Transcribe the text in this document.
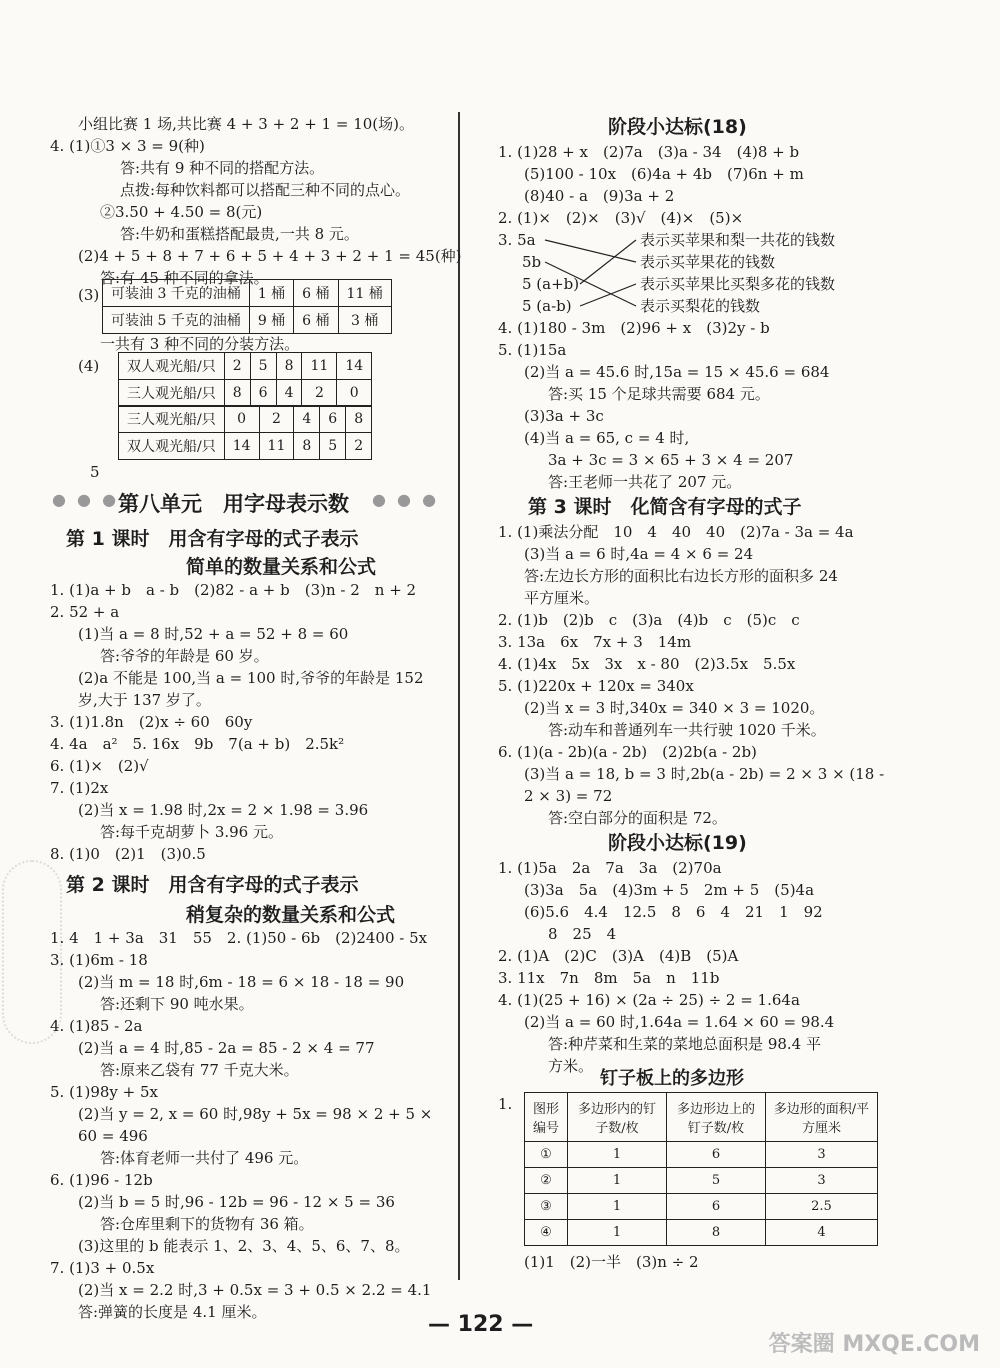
小组比赛 1 场,共比赛 4 + 3 + 2 + 1 = 10(场)。
4. (1)①3 × 3 = 9(种)
答:共有 9 种不同的搭配方法。
点拨:每种饮料都可以搭配三种不同的点心。
②3.50 + 4.50 = 8(元)
答:牛奶和蛋糕搭配最贵,一共 8 元。
(2)4 + 5 + 8 + 7 + 6 + 5 + 4 + 3 + 2 + 1 = 45(种)
答:有 45 种不同的拿法。
(3) 可装油 3 千克的油桶	1 桶	6 桶	11 桶
可装油 5 千克的油桶	9 桶	6 桶	3 桶
一共有 3 种不同的分装方法。
(4) 双人观光船/只	2	5	8	11	14
三人观光船/只	8	6	4	2	0
三人观光船/只	0	2	4	6	8
双人观光船/只	14	11	8	5	2
5
● ● ●
第八单元　用字母表示数 ● ● ●
第 1 课时　用含有字母的式子表示
简单的数量关系和公式
1. (1)a + b　a - b　(2)82 - a + b　(3)n - 2　n + 2
2. 52 + a
(1)当 a = 8 时,52 + a = 52 + 8 = 60
答:爷爷的年龄是 60 岁。
(2)a 不能是 100,当 a = 100 时,爷爷的年龄是 152
岁,大于 137 岁了。
3. (1)1.8n　(2)x ÷ 60　60y
4. 4a　a²　5. 16x　9b　7(a + b)　2.5k²
6. (1)×　(2)√
7. (1)2x
(2)当 x = 1.98 时,2x = 2 × 1.98 = 3.96
答:每千克胡萝卜 3.96 元。
8. (1)0　(2)1　(3)0.5
第 2 课时　用含有字母的式子表示
稍复杂的数量关系和公式
1. 4　1 + 3a　31　55　2. (1)50 - 6b　(2)2400 - 5x
3. (1)6m - 18
(2)当 m = 18 时,6m - 18 = 6 × 18 - 18 = 90
答:还剩下 90 吨水果。
4. (1)85 - 2a
(2)当 a = 4 时,85 - 2a = 85 - 2 × 4 = 77
答:原来乙袋有 77 千克大米。
5. (1)98y + 5x
(2)当 y = 2, x = 60 时,98y + 5x = 98 × 2 + 5 ×
60 = 496
答:体育老师一共付了 496 元。
6. (1)96 - 12b
(2)当 b = 5 时,96 - 12b = 96 - 12 × 5 = 36
答:仓库里剩下的货物有 36 箱。
(3)这里的 b 能表示 1、2、3、4、5、6、7、8。
7. (1)3 + 0.5x
(2)当 x = 2.2 时,3 + 0.5x = 3 + 0.5 × 2.2 = 4.1
答:弹簧的长度是 4.1 厘米。
阶段小达标(18)
1. (1)28 + x　(2)7a　(3)a - 34　(4)8 + b
(5)100 - 10x　(6)4a + 4b　(7)6n + m
(8)40 - a　(9)3a + 2
2. (1)×　(2)×　(3)√　(4)×　(5)×
3. 5a
5b
5 (a+b)
5 (a-b)
表示买苹果和梨一共花的钱数
表示买苹果花的钱数
表示买苹果比买梨多花的钱数
表示买梨花的钱数
4. (1)180 - 3m　(2)96 + x　(3)2y - b
5. (1)15a
(2)当 a = 45.6 时,15a = 15 × 45.6 = 684
答:买 15 个足球共需要 684 元。
(3)3a + 3c
(4)当 a = 65, c = 4 时,
3a + 3c = 3 × 65 + 3 × 4 = 207
答:王老师一共花了 207 元。
第 3 课时　化简含有字母的式子
1. (1)乘法分配　10　4　40　40　(2)7a - 3a = 4a
(3)当 a = 6 时,4a = 4 × 6 = 24
答:左边长方形的面积比右边长方形的面积多 24
平方厘米。
2. (1)b　(2)b　c　(3)a　(4)b　c　(5)c　c
3. 13a　6x　7x + 3　14m
4. (1)4x　5x　3x　x - 80　(2)3.5x　5.5x
5. (1)220x + 120x = 340x
(2)当 x = 3 时,340x = 340 × 3 = 1020。
答:动车和普通列车一共行驶 1020 千米。
6. (1)(a - 2b)(a - 2b)　(2)2b(a - 2b)
(3)当 a = 18, b = 3 时,2b(a - 2b) = 2 × 3 × (18 -
2 × 3) = 72
答:空白部分的面积是 72。
阶段小达标(19)
1. (1)5a　2a　7a　3a　(2)70a
(3)3a　5a　(4)3m + 5　2m + 5　(5)4a
(6)5.6　4.4　12.5　8　6　4　21　1　92
8　25　4
2. (1)A　(2)C　(3)A　(4)B　(5)A
3. 11x　7n　8m　5a　n　11b
4. (1)(25 + 16) × (2a ÷ 25) ÷ 2 = 1.64a
(2)当 a = 60 时,1.64a = 1.64 × 60 = 98.4
答:种芹菜和生菜的菜地总面积是 98.4 平
方米。
钉子板上的多边形
1. 图形编号	多边形内的钉子数/枚	多边形边上的钉子数/枚	多边形的面积/平方厘米
①	1	6	3
②	1	5	3
③	1	6	2.5
④	1	8	4
(1)1　(2)一半　(3)n ÷ 2
— 122 —
答案圈 MXQE.COM
